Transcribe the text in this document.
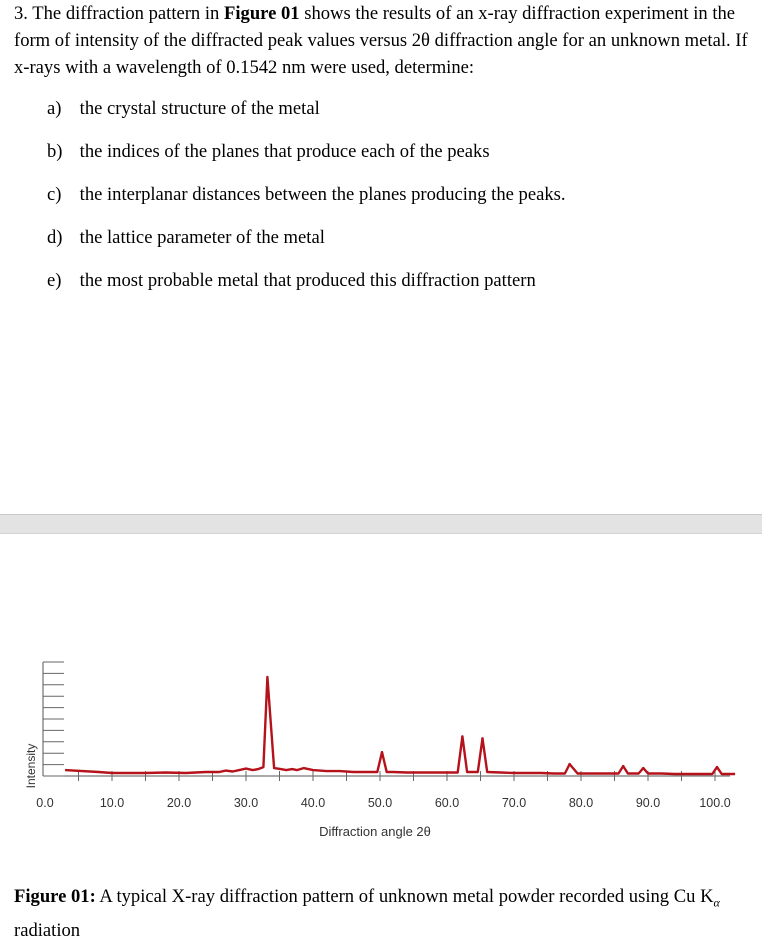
3. The diffraction pattern in Figure 01 shows the results of an x-ray diffraction experiment in the form of intensity of the diffracted peak values versus 2θ diffraction angle for an unknown metal. If x-rays with a wavelength of 0.1542 nm were used, determine:
a) the crystal structure of the metal
b) the indices of the planes that produce each of the peaks
c) the interplanar distances between the planes producing the peaks.
d) the lattice parameter of the metal
e) the most probable metal that produced this diffraction pattern
Intensity
0.0	10.0	20.0	30.0	40.0	50.0	60.0	70.0	80.0	90.0	100.0
Diffraction angle 2θ
Figure 01: A typical X-ray diffraction pattern of unknown metal powder recorded using Cu $K_\alpha$ radiation
